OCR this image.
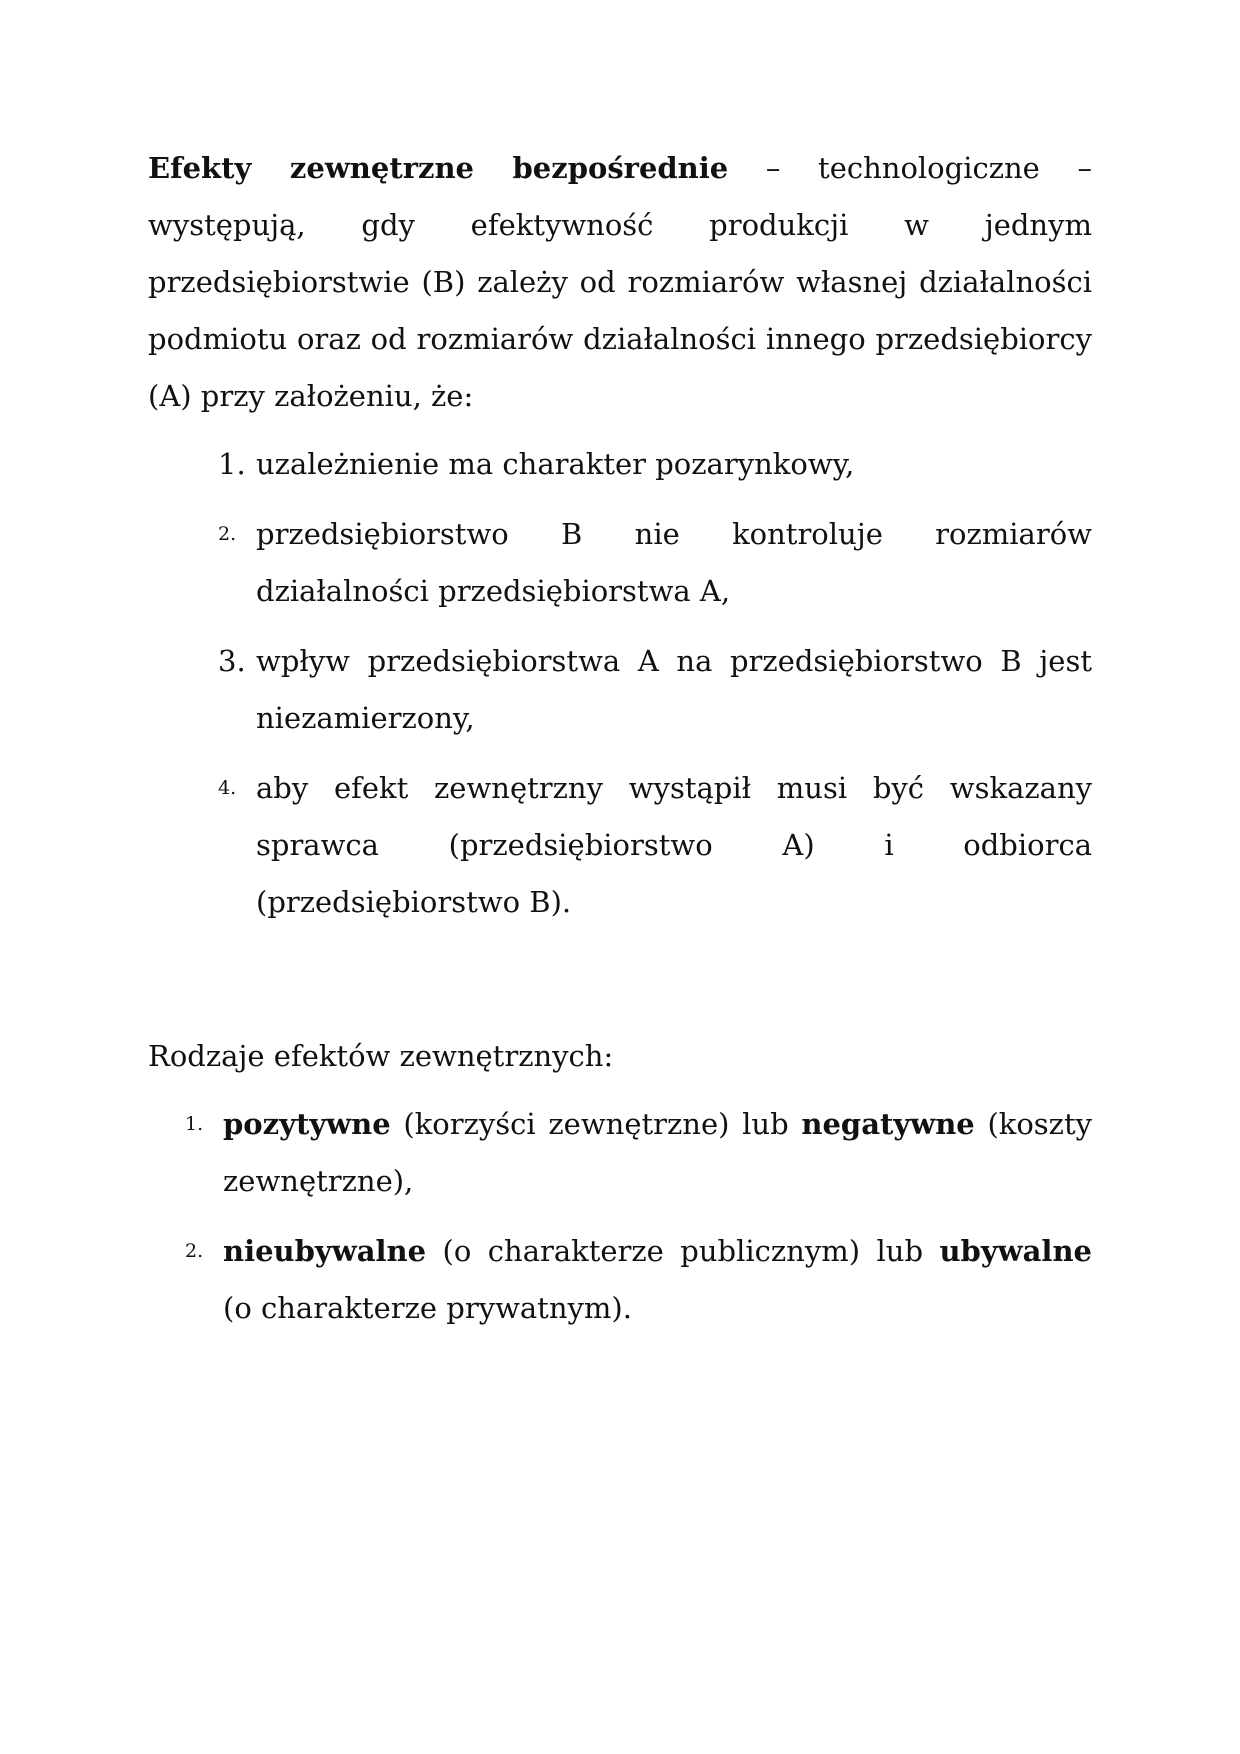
Efekty zewnętrzne bezpośrednie – technologiczne – występują, gdy efektywność produkcji w jednym przedsiębiorstwie (B) zależy od rozmiarów własnej działalności podmiotu oraz od rozmiarów działalności innego przedsiębiorcy (A) przy założeniu, że:

1. uzależnienie ma charakter pozarynkowy,
2. przedsiębiorstwo B nie kontroluje rozmiarów działalności przedsiębiorstwa A,
3. wpływ przedsiębiorstwa A na przedsiębiorstwo B jest niezamierzony,
4. aby efekt zewnętrzny wystąpił musi być wskazany sprawca (przedsiębiorstwo A) i odbiorca (przedsiębiorstwo B).

Rodzaje efektów zewnętrznych:

1. pozytywne (korzyści zewnętrzne) lub negatywne (koszty zewnętrzne),
2. nieubywalne (o charakterze publicznym) lub ubywalne (o charakterze prywatnym).
